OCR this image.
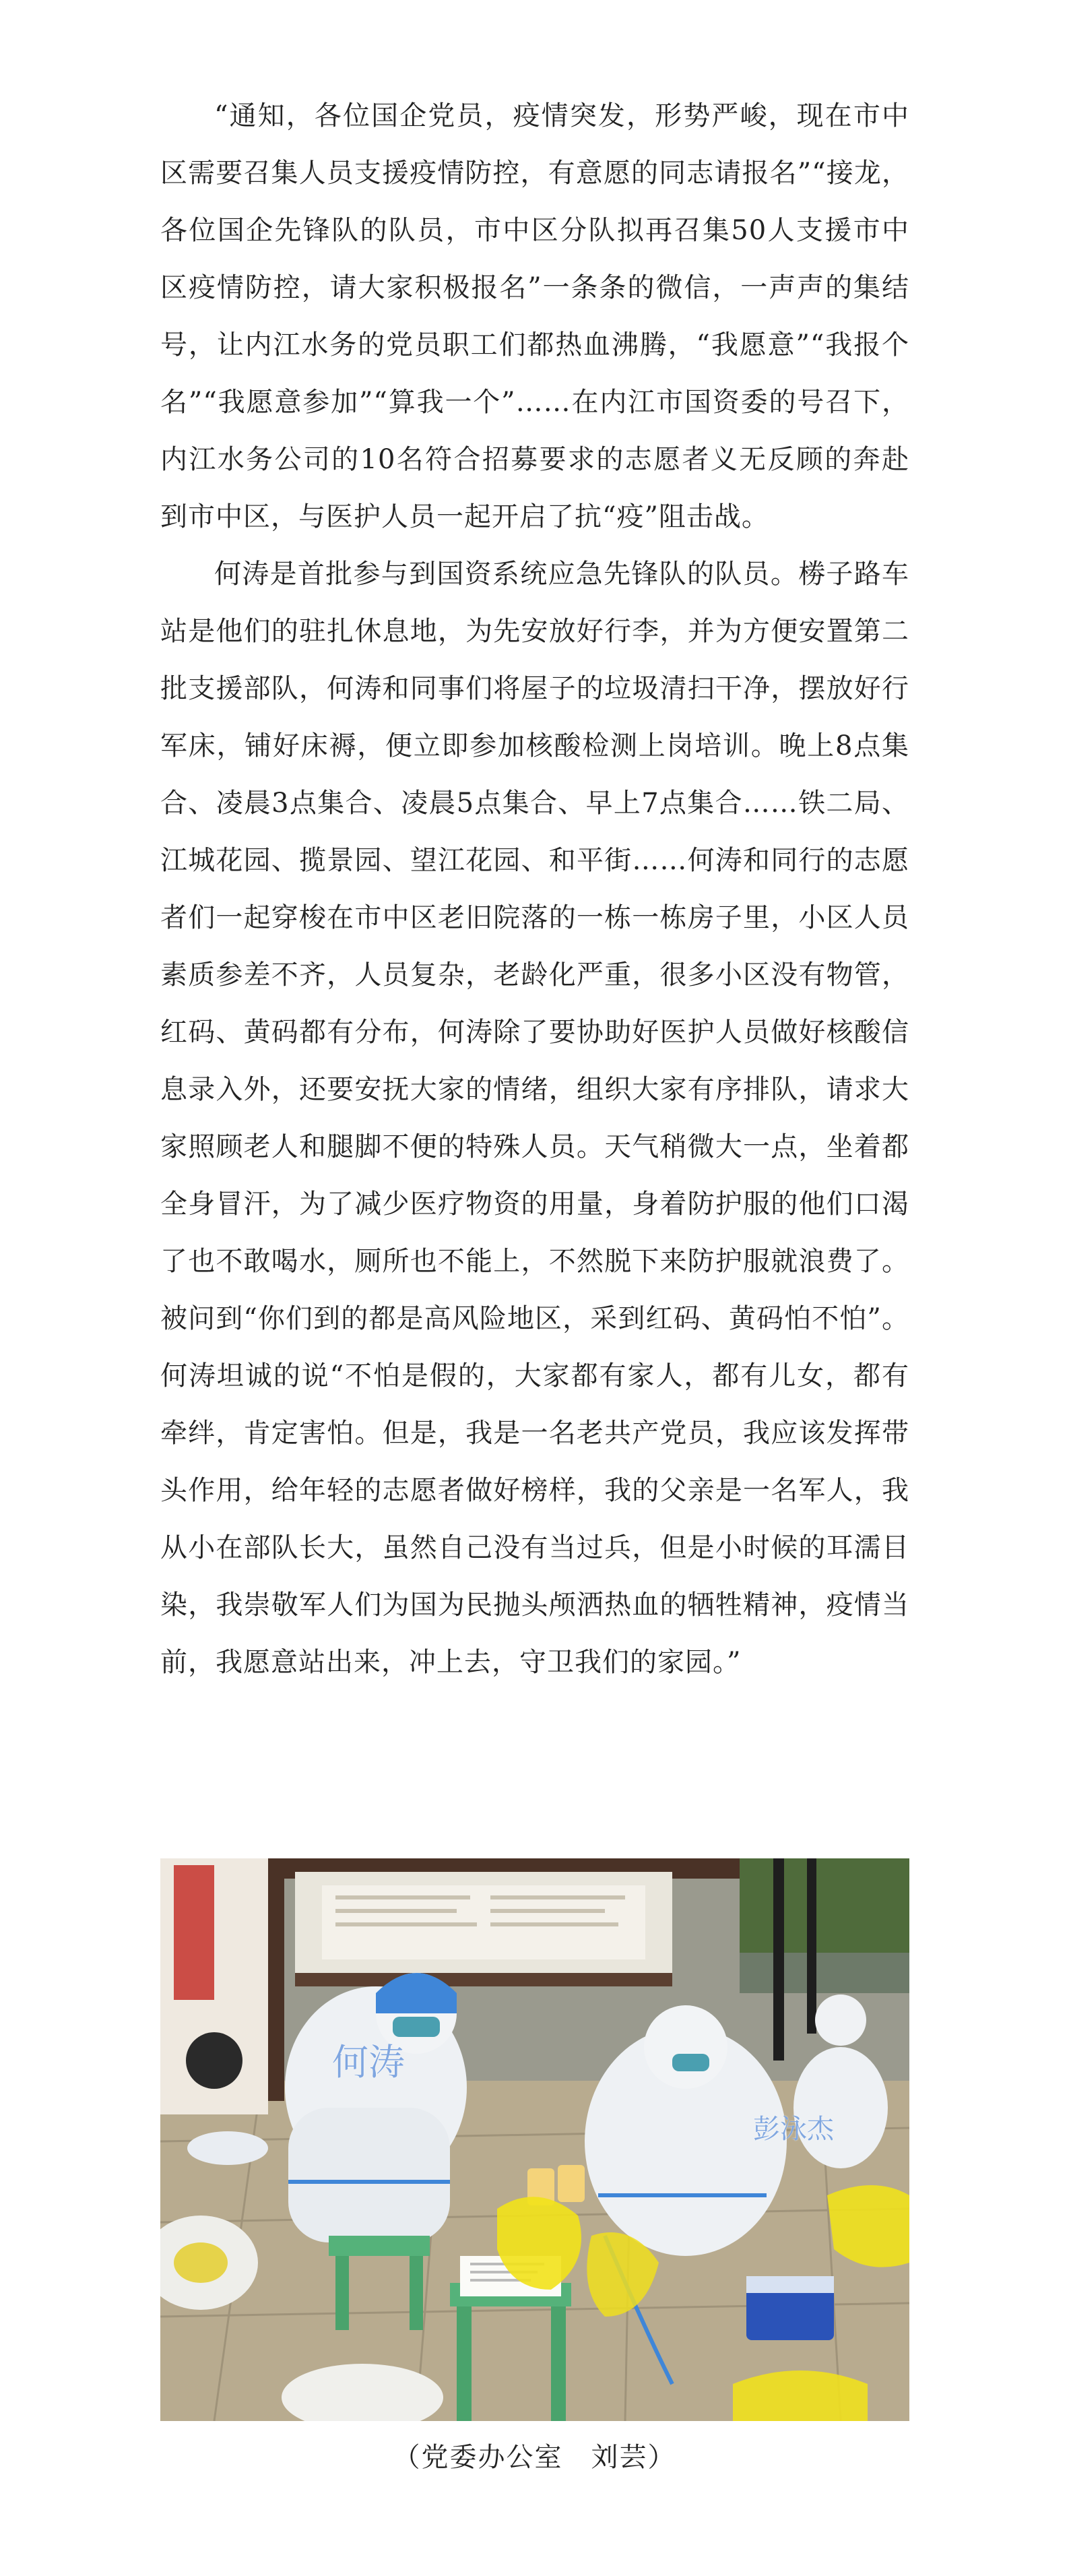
“通知，各位国企党员，疫情突发，形势严峻，现在市中区需要召集人员支援疫情防控，有意愿的同志请报名”“接龙，各位国企先锋队的队员，市中区分队拟再召集50人支援市中区疫情防控，请大家积极报名”一条条的微信，一声声的集结号，让内江水务的党员职工们都热血沸腾，“我愿意”“我报个名”“我愿意参加”“算我一个”……在内江市国资委的号召下，内江水务公司的10名符合招募要求的志愿者义无反顾的奔赴到市中区，与医护人员一起开启了抗“疫”阻击战。

何涛是首批参与到国资系统应急先锋队的队员。椦子路车站是他们的驻扎休息地，为先安放好行李，并为方便安置第二批支援部队，何涛和同事们将屋子的垃圾清扫干净，摆放好行军床，铺好床褥，便立即参加核酸检测上岗培训。晚上8点集合、凌晨3点集合、凌晨5点集合、早上7点集合……铁二局、江城花园、揽景园、望江花园、和平街……何涛和同行的志愿者们一起穿梭在市中区老旧院落的一栋一栋房子里，小区人员素质参差不齐，人员复杂，老龄化严重，很多小区没有物管，红码、黄码都有分布，何涛除了要协助好医护人员做好核酸信息录入外，还要安抚大家的情绪，组织大家有序排队，请求大家照顾老人和腿脚不便的特殊人员。天气稍微大一点，坐着都全身冒汗，为了减少医疗物资的用量，身着防护服的他们口渴了也不敢喝水，厕所也不能上，不然脱下来防护服就浪费了。被问到“你们到的都是高风险地区，采到红码、黄码怕不怕”。何涛坦诚的说“不怕是假的，大家都有家人，都有儿女，都有牵绊，肯定害怕。但是，我是一名老共产党员，我应该发挥带头作用，给年轻的志愿者做好榜样，我的父亲是一名军人，我从小在部队长大，虽然自己没有当过兵，但是小时候的耳濡目染，我崇敬军人们为国为民抛头颅洒热血的牺牲精神，疫情当前，我愿意站出来，冲上去，守卫我们的家园。”

何涛
彭泳杰
（党委办公室　刘芸）
